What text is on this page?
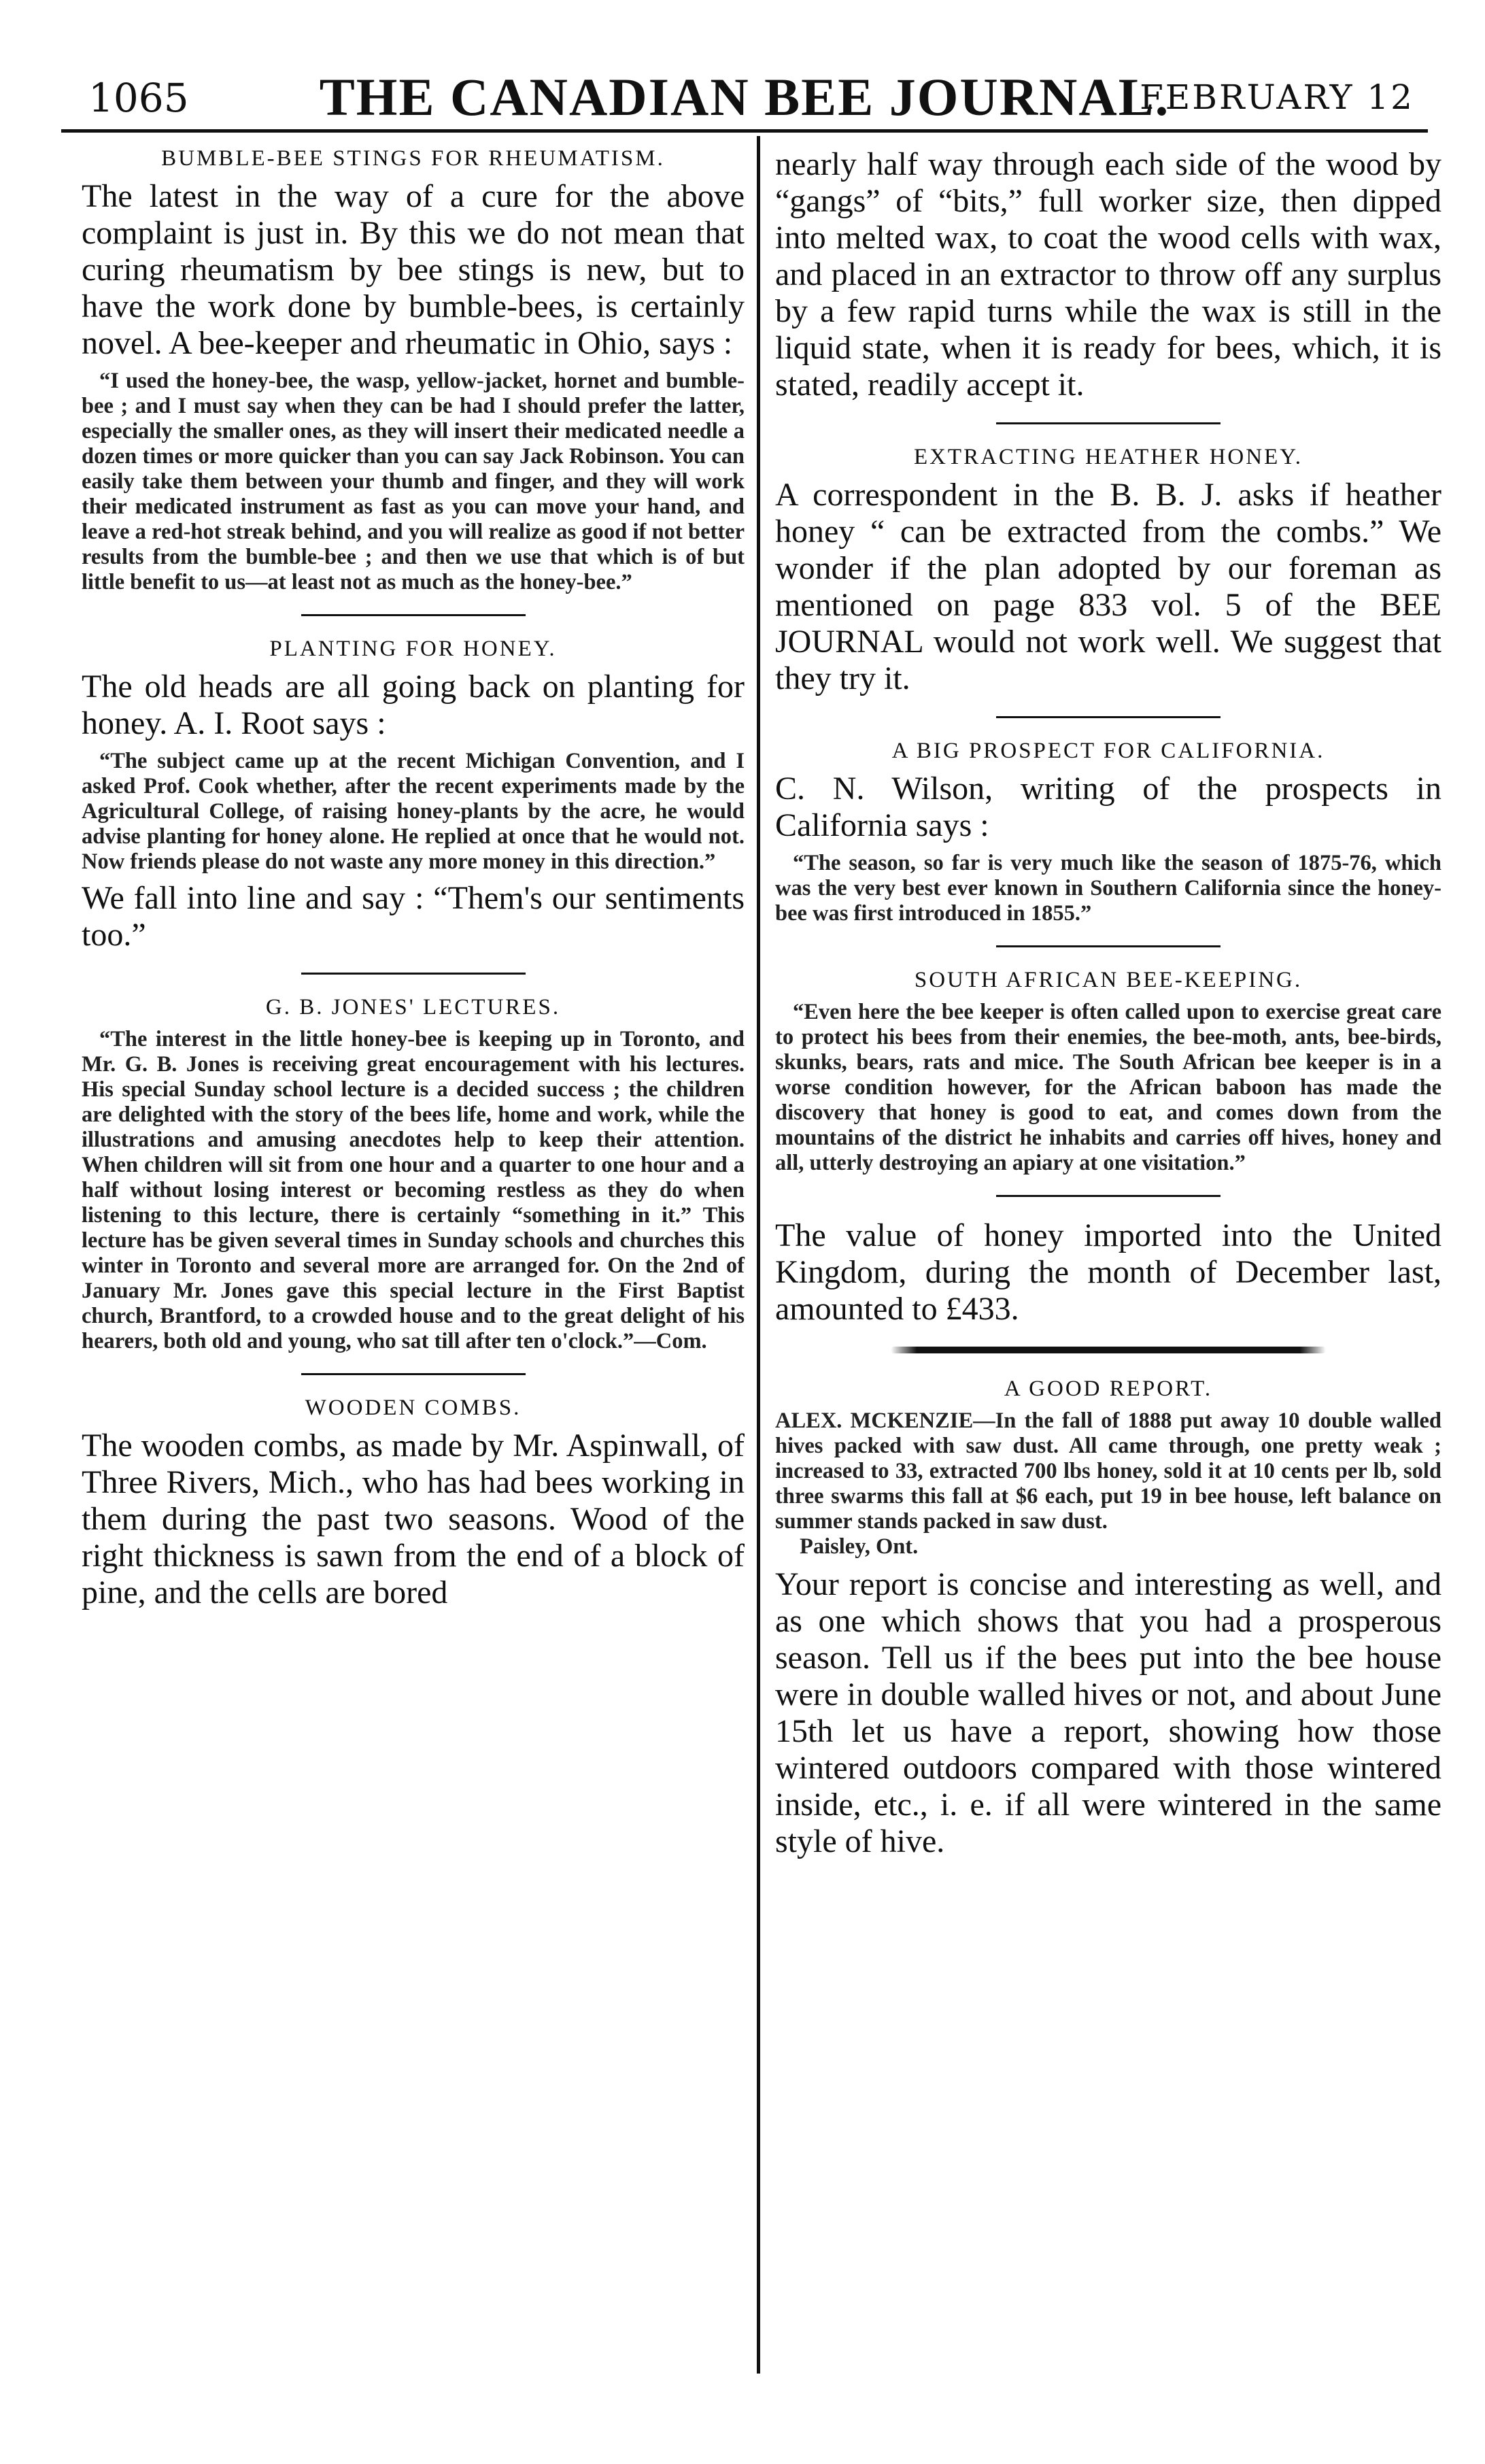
1065	THE CANADIAN BEE JOURNAL.
FEBRUARY 12
BUMBLE-BEE STINGS FOR RHEUMATISM.

The latest in the way of a cure for the above complaint is just in. By this we do not mean that curing rheumatism by bee stings is new, but to have the work done by bumble-bees, is certainly novel. A bee-keeper and rheumatic in Ohio, says :

“I used the honey-bee, the wasp, yellow-jacket, hornet and bumble-bee ; and I must say when they can be had I should prefer the latter, especially the smaller ones, as they will insert their medicated needle a dozen times or more quicker than you can say Jack Robinson. You can easily take them between your thumb and finger, and they will work their medicated instrument as fast as you can move your hand, and leave a red-hot streak behind, and you will realize as good if not better results from the bumble-bee ; and then we use that which is of but little benefit to us—at least not as much as the honey-bee.”

PLANTING FOR HONEY.

The old heads are all going back on planting for honey. A. I. Root says :

“The subject came up at the recent Michigan Convention, and I asked Prof. Cook whether, after the recent experiments made by the Agricultural College, of raising honey-plants by the acre, he would advise planting for honey alone. He replied at once that he would not. Now friends please do not waste any more money in this direction.”

We fall into line and say : “Them's our sentiments too.”

G. B. JONES' LECTURES.

“The interest in the little honey-bee is keeping up in Toronto, and Mr. G. B. Jones is receiving great encouragement with his lectures. His special Sunday school lecture is a decided success ; the children are delighted with the story of the bees life, home and work, while the illustrations and amusing anecdotes help to keep their attention. When children will sit from one hour and a quarter to one hour and a half without losing interest or becoming restless as they do when listening to this lecture, there is certainly “something in it.” This lecture has be given several times in Sunday schools and churches this winter in Toronto and several more are arranged for. On the 2nd of January Mr. Jones gave this special lecture in the First Baptist church, Brantford, to a crowded house and to the great delight of his hearers, both old and young, who sat till after ten o'clock.”—Com.

WOODEN COMBS.

The wooden combs, as made by Mr. Aspinwall, of Three Rivers, Mich., who has had bees working in them during the past two seasons. Wood of the right thickness is sawn from the end of a block of pine, and the cells are bored

nearly half way through each side of the wood by “gangs” of “bits,” full worker size, then dipped into melted wax, to coat the wood cells with wax, and placed in an extractor to throw off any surplus by a few rapid turns while the wax is still in the liquid state, when it is ready for bees, which, it is stated, readily accept it.

EXTRACTING HEATHER HONEY.

A correspondent in the B. B. J. asks if heather honey “ can be extracted from the combs.” We wonder if the plan adopted by our foreman as mentioned on page 833 vol. 5 of the BEE JOURNAL would not work well. We suggest that they try it.

A BIG PROSPECT FOR CALIFORNIA.

C. N. Wilson, writing of the prospects in California says :

“The season, so far is very much like the season of 1875-76, which was the very best ever known in Southern California since the honey-bee was first introduced in 1855.”

SOUTH AFRICAN BEE-KEEPING.

“Even here the bee keeper is often called upon to exercise great care to protect his bees from their enemies, the bee-moth, ants, bee-birds, skunks, bears, rats and mice. The South African bee keeper is in a worse condition however, for the African baboon has made the discovery that honey is good to eat, and comes down from the mountains of the district he inhabits and carries off hives, honey and all, utterly destroying an apiary at one visitation.”

The value of honey imported into the United Kingdom, during the month of December last, amounted to £433.

A GOOD REPORT.

ALEX. MCKENZIE—In the fall of 1888 put away 10 double walled hives packed with saw dust. All came through, one pretty weak ; increased to 33, extracted 700 lbs honey, sold it at 10 cents per lb, sold three swarms this fall at $6 each, put 19 in bee house, left balance on summer stands packed in saw dust.

Paisley, Ont.

Your report is concise and interesting as well, and as one which shows that you had a prosperous season. Tell us if the bees put into the bee house were in double walled hives or not, and about June 15th let us have a report, showing how those wintered outdoors compared with those wintered inside, etc., i. e. if all were wintered in the same style of hive.
